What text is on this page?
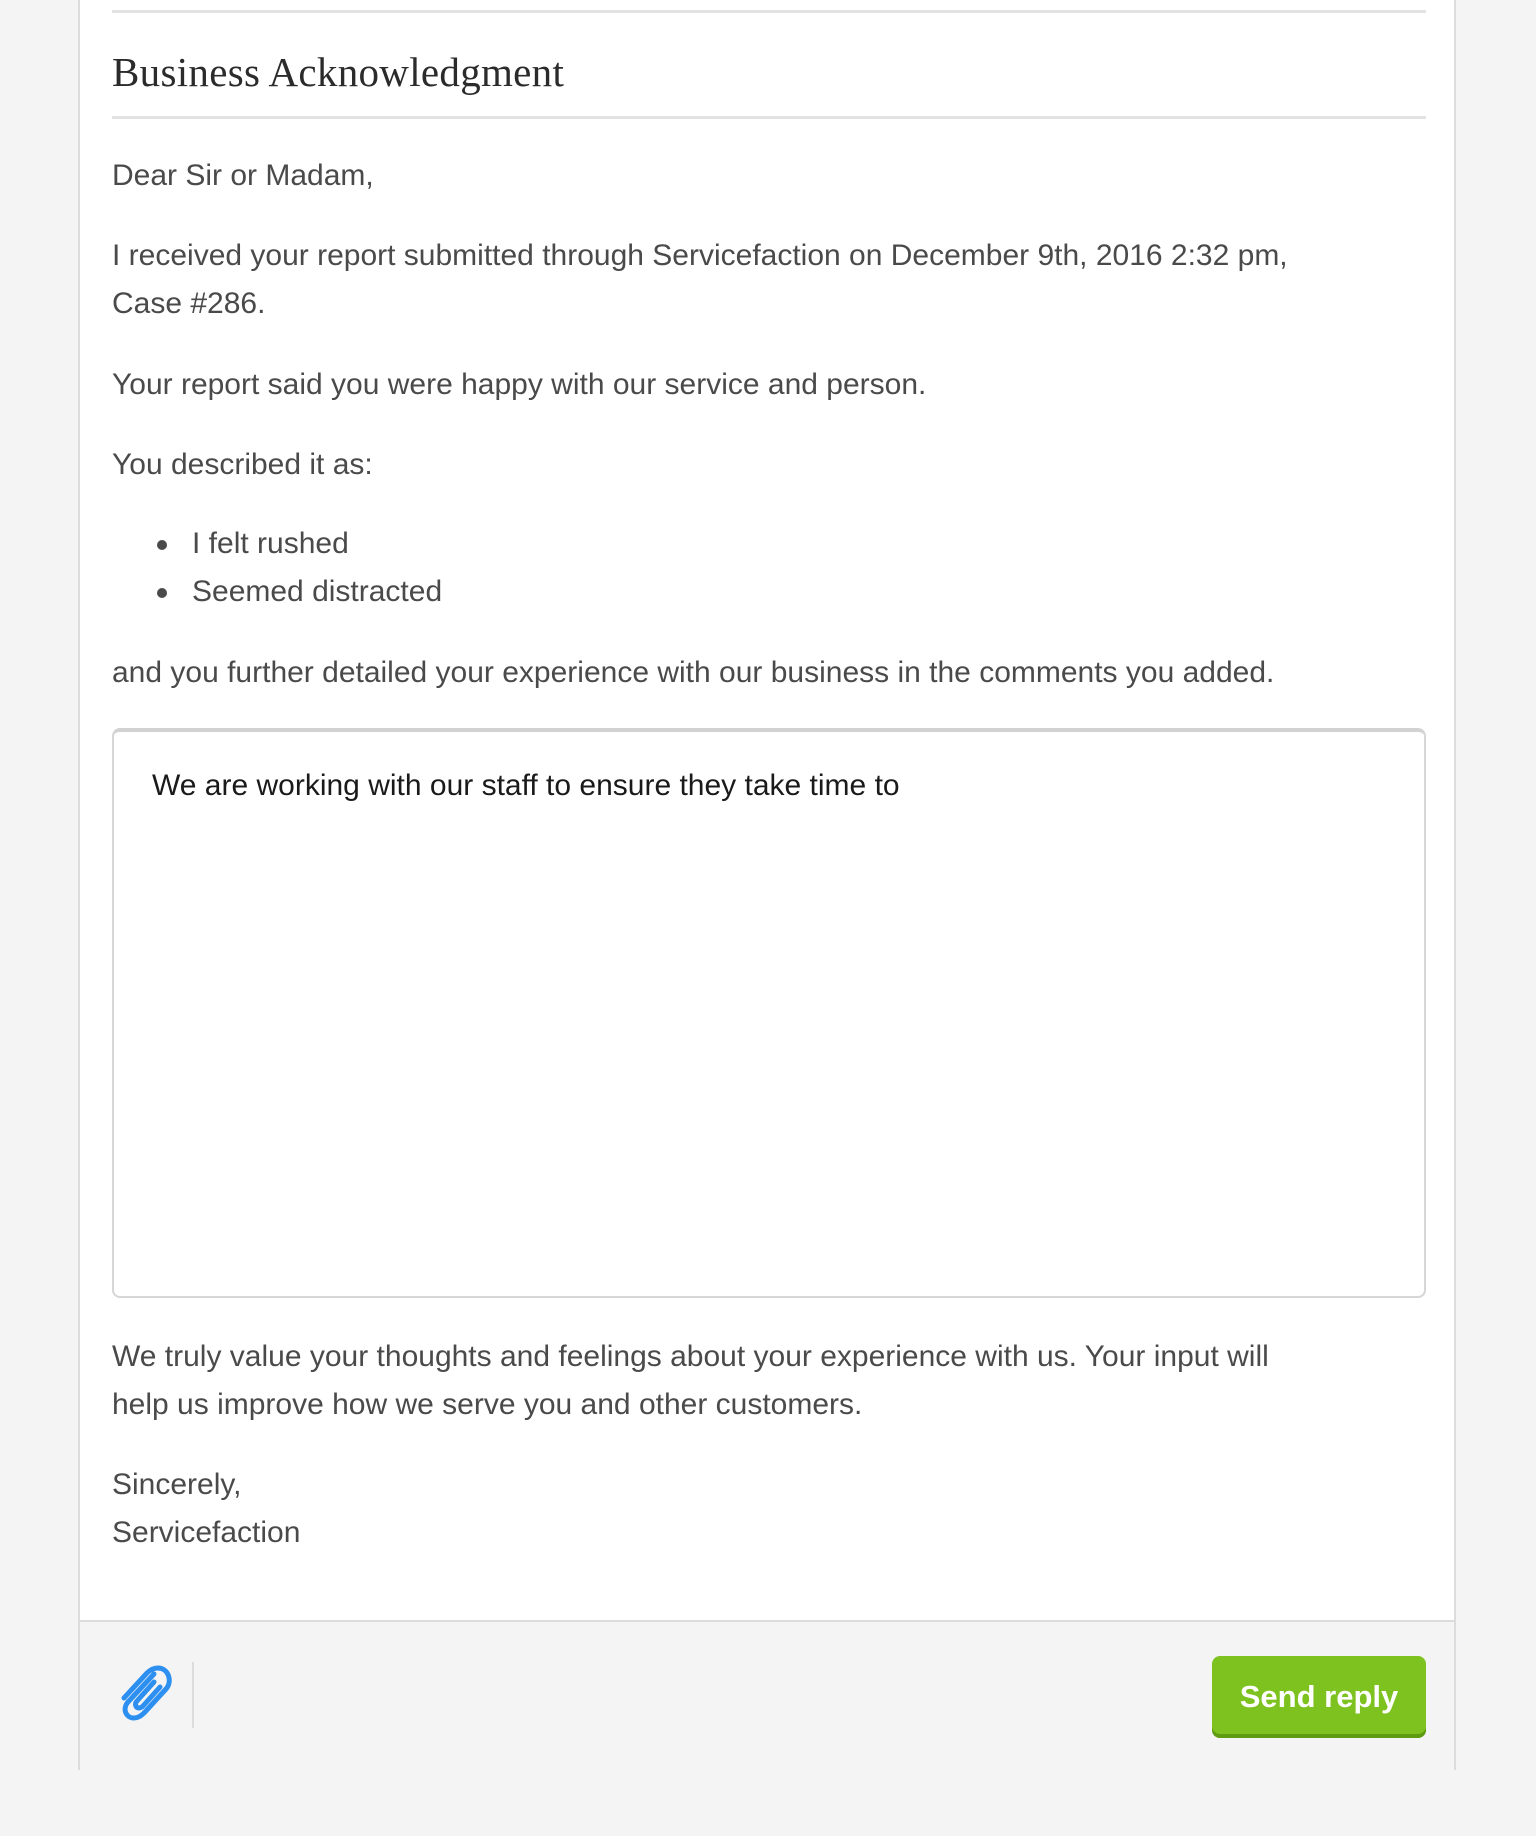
Business Acknowledgment

Dear Sir or Madam,

I received your report submitted through Servicefaction on December 9th, 2016 2:32 pm,
Case #286.

Your report said you were happy with our service and person.

You described it as:

I felt rushed
Seemed distracted

and you further detailed your experience with our business in the comments you added.

We are working with our staff to ensure they take time to

We truly value your thoughts and feelings about your experience with us. Your input will
help us improve how we serve you and other customers.

Sincerely,
Servicefaction

Send reply
